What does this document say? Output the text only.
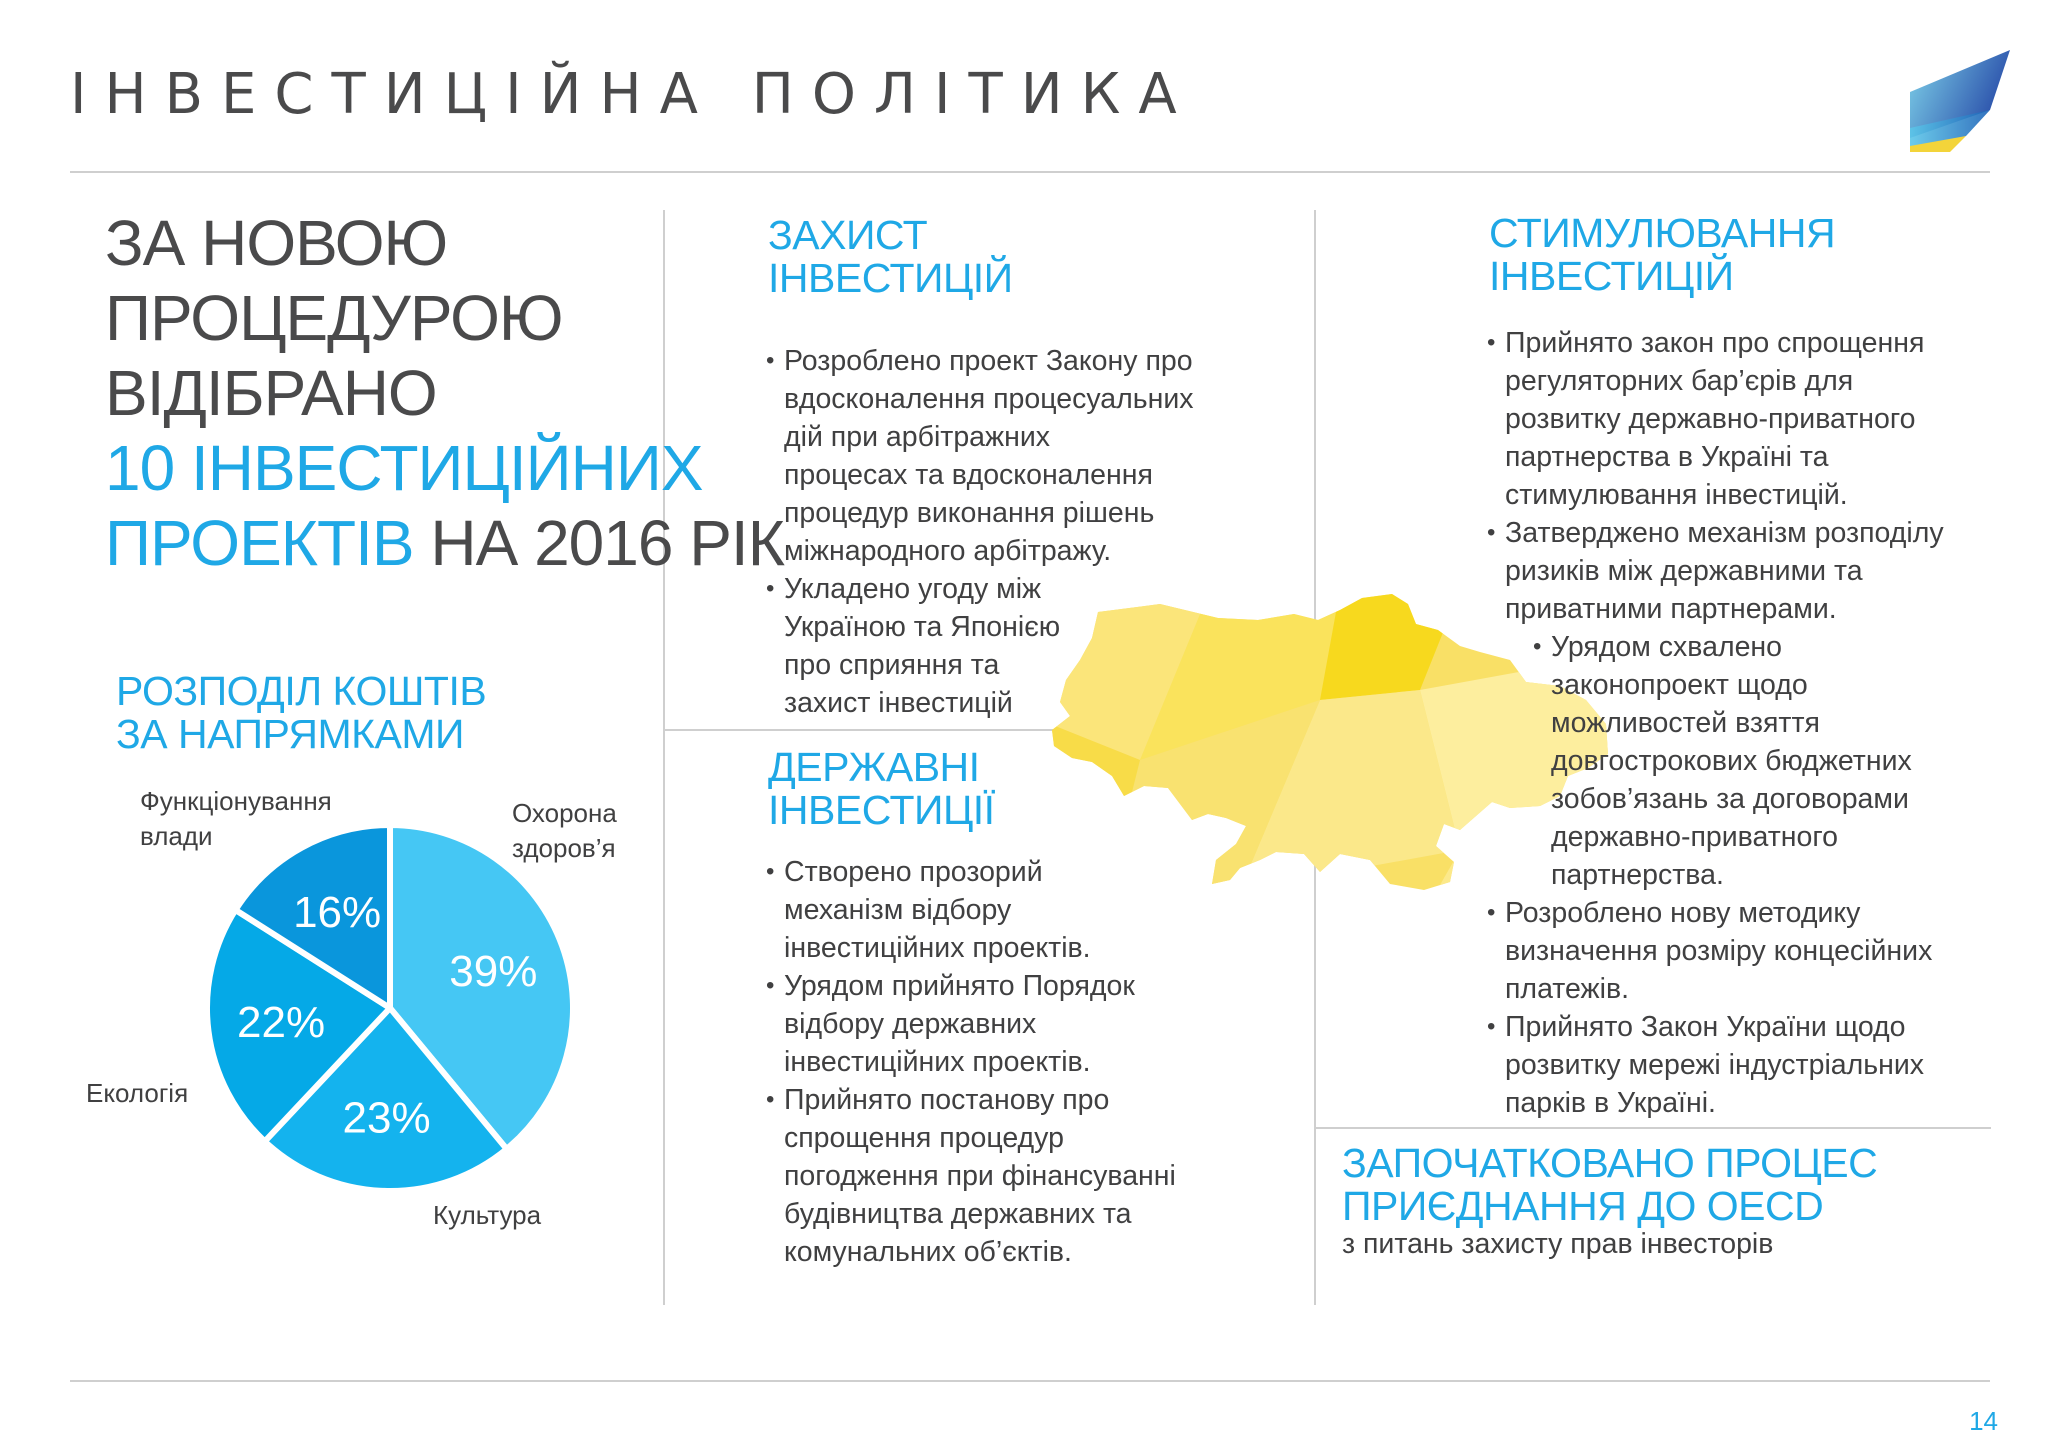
ІНВЕСТИЦІЙНА ПОЛІТИКА
ЗА НОВОЮ
ПРОЦЕДУРОЮ
ВІДІБРАНО
10 ІНВЕСТИЦІЙНИХ
ПРОЕКТІВ НА 2016 РІК
РОЗПОДІЛ КОШТІВ
ЗА НАПРЯМКАМИ
39%
23%
22%
16%
Охорона
здоров’я
Функціонування
влади
Екологія
Культура
ЗАХИСТ
ІНВЕСТИЦІЙ
• Розроблено проект Закону про
вдосконалення процесуальних
дій при арбітражних
процесах та вдосконалення
процедур виконання рішень
міжнародного арбітражу.
• Укладено угоду між
Україною та Японією
про сприяння та
захист інвестицій
ДЕРЖАВНІ
ІНВЕСТИЦІЇ
• Створено прозорий
механізм відбору
інвестиційних проектів.
• Урядом прийнято Порядок
відбору державних
інвестиційних проектів.
• Прийнято постанову про
спрощення процедур
погодження при фінансуванні
будівництва державних та
комунальних об’єктів.
СТИМУЛЮВАННЯ
ІНВЕСТИЦІЙ
• Прийнято закон про спрощення
регуляторних бар’єрів для
розвитку державно-приватного
партнерства в Україні та
стимулювання інвестицій.
• Затверджено механізм розподілу
ризиків між державними та
приватними партнерами.
• Урядом схвалено
законопроект щодо
можливостей взяття
довгострокових бюджетних
зобов’язань за договорами
державно-приватного
партнерства.
• Розроблено нову методику
визначення розміру концесійних
платежів.
• Прийнято Закон України щодо
розвитку мережі індустріальних
парків в Україні.
ЗАПОЧАТКОВАНО ПРОЦЕС
ПРИЄДНАННЯ ДО OECD
з питань захисту прав інвесторів
14
